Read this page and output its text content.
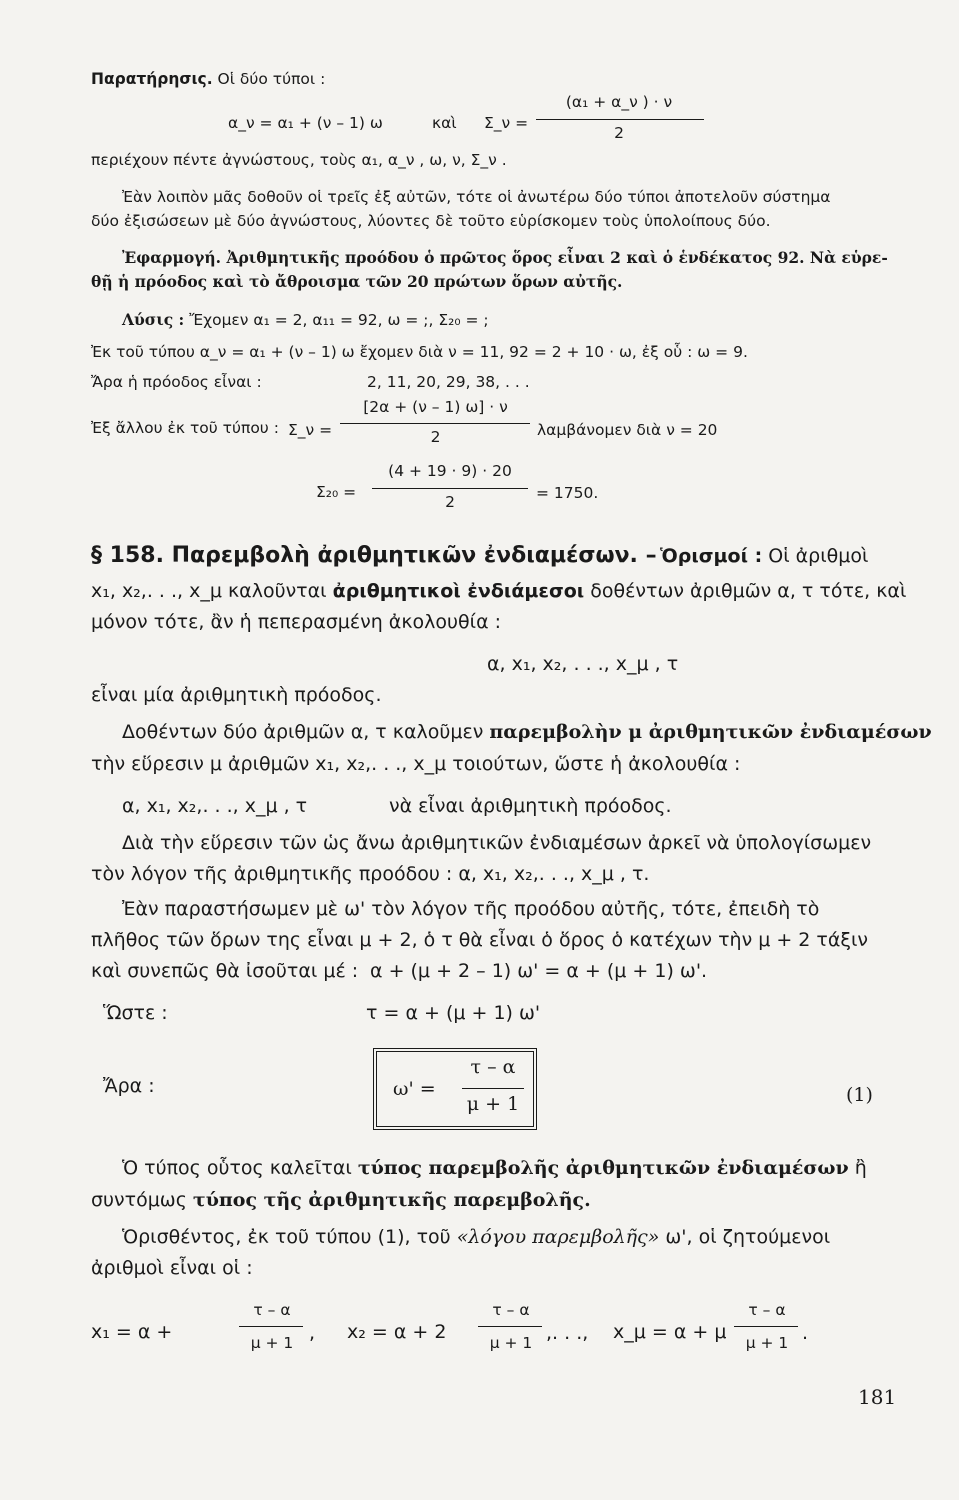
Παρατήρησις. Οἱ δύο τύποι :
α_ν = α₁ + (ν – 1) ω	καὶ Σ_ν =
(α₁ + α_ν ) · ν
2
περιέχουν πέντε ἀγνώστους, τοὺς α₁, α_ν , ω, ν, Σ_ν .
Ἐὰν λοιπὸν μᾶς δοθοῦν οἱ τρεῖς ἐξ αὐτῶν, τότε οἱ ἀνωτέρω δύο τύποι ἀποτελοῦν σύστημα
δύο ἐξισώσεων μὲ δύο ἀγνώστους, λύοντες δὲ τοῦτο εὑρίσκομεν τοὺς ὑπολοίπους δύο.
Ἐφαρμογή. Ἀριθμητικῆς προόδου ὁ πρῶτος ὅρος εἶναι 2 καὶ ὁ ἑνδέκατος 92. Νὰ εὑρε-
θῇ ἡ πρόοδος καὶ τὸ ἄθροισμα τῶν 20 πρώτων ὅρων αὐτῆς.
Λύσις : Ἔχομεν α₁ = 2, α₁₁ = 92, ω = ;, Σ₂₀ = ;
Ἐκ τοῦ τύπου α_ν = α₁ + (ν – 1) ω ἔχομεν διὰ ν = 11, 92 = 2 + 10 · ω, ἐξ οὗ : ω = 9.
Ἄρα ἡ πρόοδος εἶναι :	2, 11, 20, 29, 38, . . .
Ἐξ ἄλλου ἐκ τοῦ τύπου : Σ_ν =
[2α + (ν – 1) ω] · ν
2	λαμβάνομεν διὰ ν = 20
Σ₂₀ =
(4 + 19 · 9) · 20
2	= 1750.
§ 158. Παρεμβολὴ ἀριθμητικῶν ἐνδιαμέσων. – Ὁρισμοί : Οἱ ἀριθμοὶ
x₁, x₂,. . ., x_μ καλοῦνται ἀριθμητικοὶ ἐνδιάμεσοι δοθέντων ἀριθμῶν α, τ τότε, καὶ
μόνον τότε, ἂν ἡ πεπερασμένη ἀκολουθία :
α, x₁, x₂, . . ., x_μ , τ
εἶναι μία ἀριθμητικὴ πρόοδος.
Δοθέντων δύο ἀριθμῶν α, τ καλοῦμεν παρεμβολὴν μ ἀριθμητικῶν ἐνδιαμέσων
τὴν εὕρεσιν μ ἀριθμῶν x₁, x₂,. . ., x_μ τοιούτων, ὥστε ἡ ἀκολουθία :
α, x₁, x₂,. . ., x_μ , τ	νὰ εἶναι ἀριθμητικὴ πρόοδος.
Διὰ τὴν εὕρεσιν τῶν ὡς ἄνω ἀριθμητικῶν ἐνδιαμέσων ἀρκεῖ νὰ ὑπολογίσωμεν
τὸν λόγον τῆς ἀριθμητικῆς προόδου : α, x₁, x₂,. . ., x_μ , τ.
Ἐὰν παραστήσωμεν μὲ ω' τὸν λόγον τῆς προόδου αὐτῆς, τότε, ἐπειδὴ τὸ
πλῆθος τῶν ὅρων της εἶναι μ + 2, ὁ τ θὰ εἶναι ὁ ὅρος ὁ κατέχων τὴν μ + 2 τάξιν
καὶ συνεπῶς θὰ ἰσοῦται μέ : α + (μ + 2 – 1) ω' = α + (μ + 1) ω'.
Ὥστε :	τ = α + (μ + 1) ω'
Ἄρα :	ω' =
τ – α
μ + 1	(1)
Ὁ τύπος οὗτος καλεῖται τύπος παρεμβολῆς ἀριθμητικῶν ἐνδιαμέσων ἢ
συντόμως τύπος τῆς ἀριθμητικῆς παρεμβολῆς.
Ὁρισθέντος, ἐκ τοῦ τύπου (1), τοῦ «λόγου παρεμβολῆς» ω', οἱ ζητούμενοι
ἀριθμοὶ εἶναι οἱ :
x₁ = α +
τ – α
μ + 1 , x₂ = α + 2
τ – α
μ + 1 ,. . ., x_μ = α + μ
τ – α
μ + 1 .
181
